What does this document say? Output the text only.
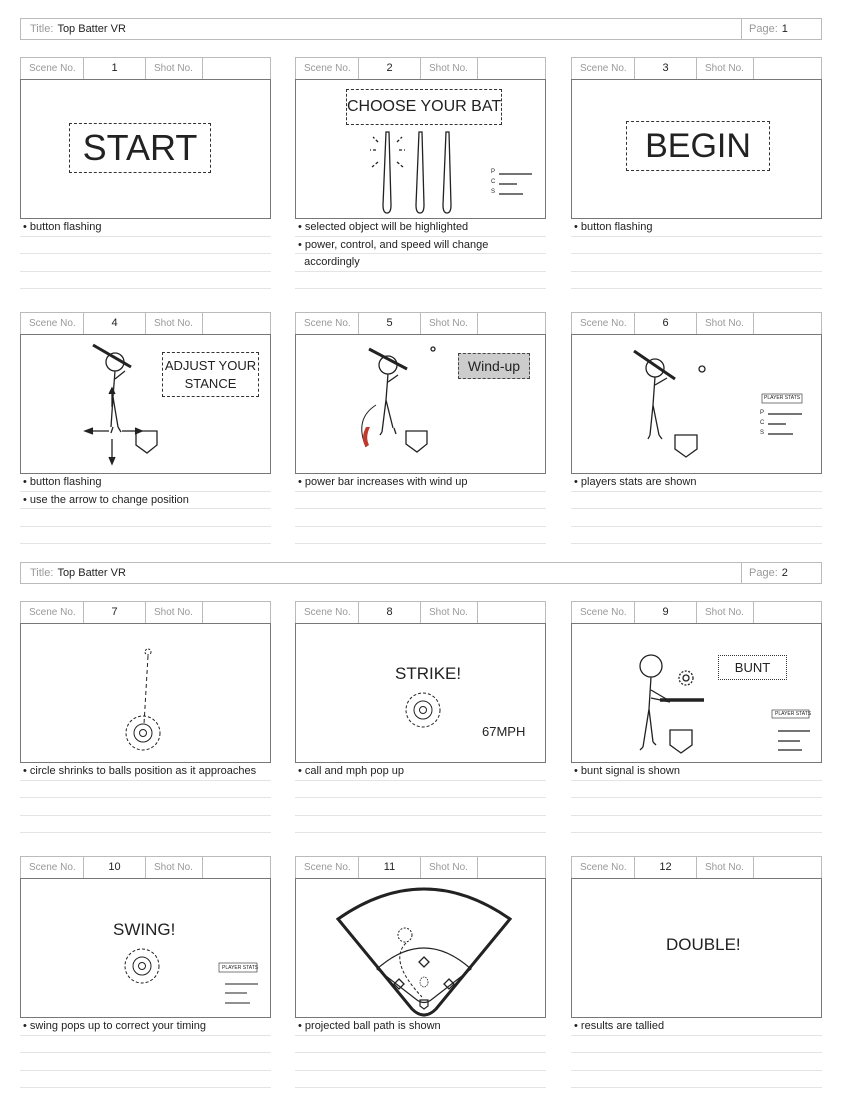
Title: Top Batter VR	Page: 1
Scene No.	1	Shot No.
START
• button flashing
Scene No.	2	Shot No.
CHOOSE YOUR BAT
P
C
S
• selected object will be highlighted
• power, control, and speed will change
accordingly
Scene No.	3	Shot No.
BEGIN
• button flashing
Scene No.	4	Shot No.
ADJUST YOUR
STANCE
• button flashing
• use the arrow to change position
Scene No.	5	Shot No.
Wind-up
• power bar increases with wind up
Scene No.	6	Shot No.
PLAYER STATS
P
C
S
• players stats are shown
Title: Top Batter VR	Page: 2
Scene No.	7	Shot No.
• circle shrinks to balls position as it approaches
Scene No.	8	Shot No.
STRIKE!
67MPH
• call and mph pop up
Scene No.	9	Shot No.
PLAYER STATS
BUNT
• bunt signal is shown
Scene No.	10	Shot No.
SWING!
PLAYER STATS
• swing pops up to correct your timing
Scene No.	11	Shot No.
• projected ball path is shown
Scene No.	12	Shot No.
DOUBLE!
• results are tallied
